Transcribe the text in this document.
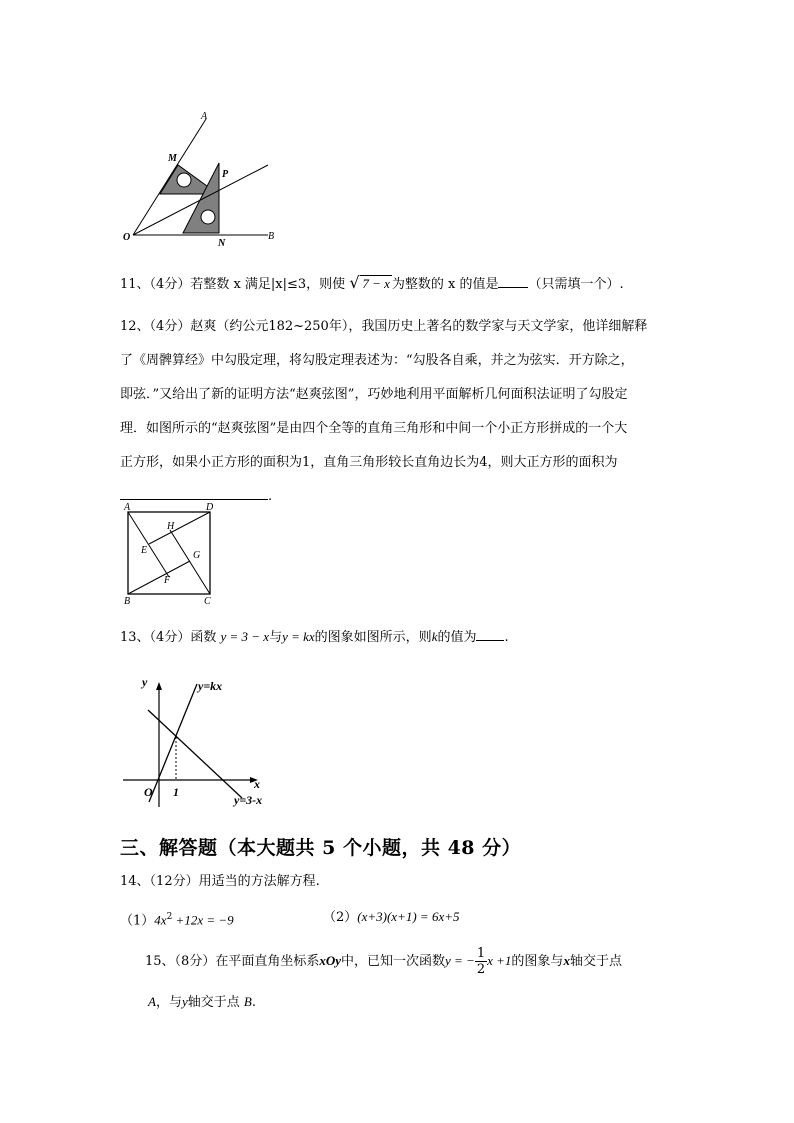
A
M
P
O
N
B
11、（4分）若整数 x 满足|x|≤3，则使 √ 7 − x 为整数的 x 的值是 （只需填一个）.
12、（4分）赵爽（约公元182~250年），我国历史上著名的数学家与天文学家，他详细解释
了《周髀算经》中勾股定理，将勾股定理表述为：“勾股各自乘，并之为弦实．开方除之，
即弦．”又给出了新的证明方法“赵爽弦图”，巧妙地利用平面解析几何面积法证明了勾股定
理．如图所示的“赵爽弦图”是由四个全等的直角三角形和中间一个小正方形拼成的一个大
正方形，如果小正方形的面积为1，直角三角形较长直角边长为4，则大正方形的面积为
.
A	D
H
E	G
F
B	C
13、（4分）函数 y = 3 − x与y = kx的图象如图所示，则k的值为 .
y	y=kx
x
O 1
y=3-x
三、解答题（本大题共 5 个小题，共 48 分）
14、（12分）用适当的方法解方程.
$(1)4x^2 +12x = -9$	（2）(x+3)(x+1) = 6x+5
15、（8分）在平面直角坐标系xOy中，已知一次函数y = − $\frac{1}{2}$ x +1的图象与x轴交于点
A，与y轴交于点 B.
